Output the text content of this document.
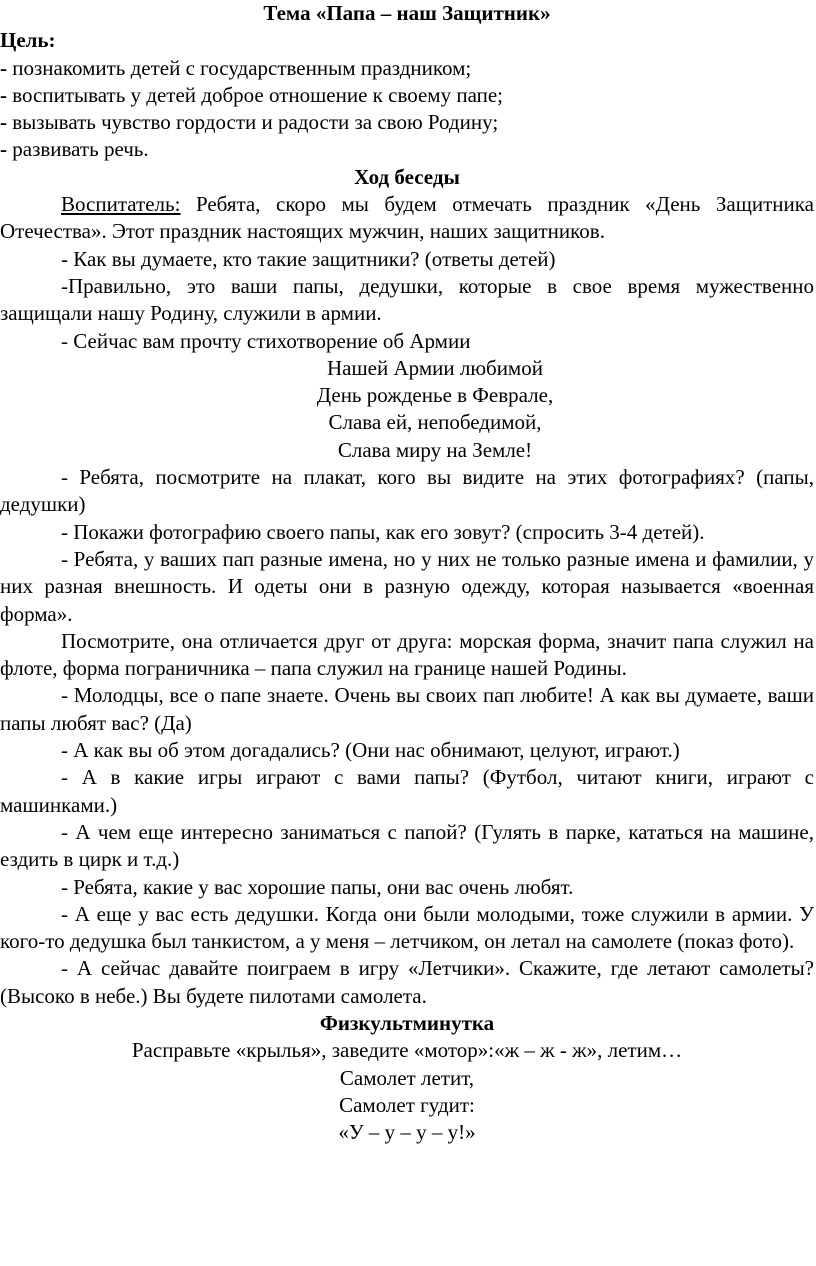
Тема «Папа – наш Защитник»
Цель:
- познакомить детей с государственным праздником;
- воспитывать у детей доброе отношение к своему папе;
- вызывать чувство гордости и радости за свою Родину;
- развивать речь.
Ход беседы

Воспитатель: Ребята, скоро мы будем отмечать праздник «День Защитника Отечества». Этот праздник настоящих мужчин, наших защитников.

- Как вы думаете, кто такие защитники? (ответы детей)

-Правильно, это ваши папы, дедушки, которые в свое время мужественно защищали нашу Родину, служили в армии.

- Сейчас вам прочту стихотворение об Армии

Нашей Армии любимой
День рожденье в Феврале,
Слава ей, непобедимой,
Слава миру на Земле!

- Ребята, посмотрите на плакат, кого вы видите на этих фотографиях? (папы, дедушки)

- Покажи фотографию своего папы, как его зовут? (спросить 3-4 детей).

- Ребята, у ваших пап разные имена, но у них не только разные имена и фамилии, у них разная внешность. И одеты они в разную одежду, которая называется «военная форма».

Посмотрите, она отличается друг от друга: морская форма, значит папа служил на флоте, форма пограничника – папа служил на границе нашей Родины.

- Молодцы, все о папе знаете. Очень вы своих пап любите! А как вы думаете, ваши папы любят вас? (Да)

- А как вы об этом догадались? (Они нас обнимают, целуют, играют.)

- А в какие игры играют с вами папы? (Футбол, читают книги, играют с машинками.)

- А чем еще интересно заниматься с папой? (Гулять в парке, кататься на машине, ездить в цирк и т.д.)

- Ребята, какие у вас хорошие папы, они вас очень любят.

- А еще у вас есть дедушки. Когда они были молодыми, тоже служили в армии. У кого-то дедушка был танкистом, а у меня – летчиком, он летал на самолете (показ фото).

- А сейчас давайте поиграем в игру «Летчики». Скажите, где летают самолеты? (Высоко в небе.) Вы будете пилотами самолета.

Физкультминутка
Расправьте «крылья», заведите «мотор»:«ж – ж - ж», летим…
Самолет летит,
Самолет гудит:
«У – у – у – у!»
